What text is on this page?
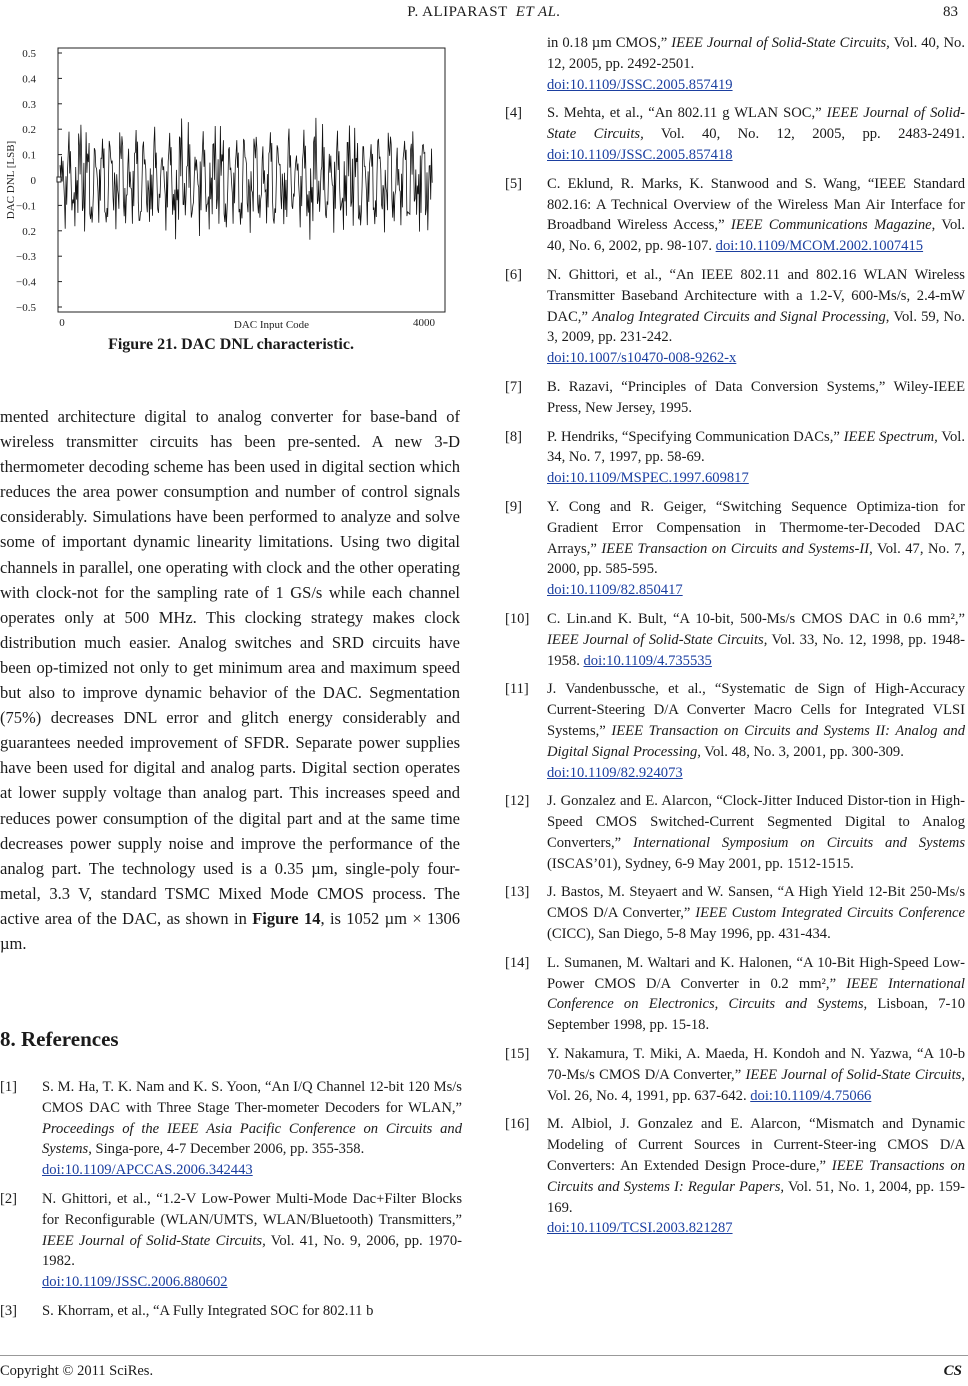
P. ALIPARAST ET AL.	83
0.5
0.4
0.3
0.2
0.1
0
−0.1
0.2
−0.3
−0.4
−0.5
DAC DNL [LSB]
0	4000
DAC Input Code
Figure 21. DAC DNL characteristic.

mented architecture digital to analog converter for base-band of wireless transmitter circuits has been pre-sented. A new 3-D thermometer decoding scheme has been used in digital section which reduces the area power consumption and number of control signals considerably. Simulations have been performed to analyze and solve some of important dynamic linearity limitations. Using two digital channels in parallel, one operating with clock and the other operating with clock-not for the sampling rate of 1 GS/s while each channel operates only at 500 MHz. This clocking strategy makes clock distribution much easier. Analog switches and SRD circuits have been op-timized not only to get minimum area and maximum speed but also to improve dynamic behavior of the DAC. Segmentation (75%) decreases DNL error and glitch energy considerably and guarantees needed improvement of SFDR. Separate power supplies have been used for digital and analog parts. Digital section operates at lower supply voltage than analog part. This increases speed and reduces power consumption of the digital part and at the same time decreases power supply noise and improve the performance of the analog part. The technology used is a 0.35 µm, single-poly four-metal, 3.3 V, standard TSMC Mixed Mode CMOS process. The active area of the DAC, as shown in Figure 14, is 1052 µm × 1306 µm.

8. References
[1] S. M. Ha, T. K. Nam and K. S. Yoon, “An I/Q Channel 12-bit 120 Ms/s CMOS DAC with Three Stage Ther-mometer Decoders for WLAN,” Proceedings of the IEEE Asia Pacific Conference on Circuits and Systems, Singa-pore, 4-7 December 2006, pp. 355-358.
doi:10.1109/APCCAS.2006.342443
[2] N. Ghittori, et al., “1.2-V Low-Power Multi-Mode Dac+Filter Blocks for Reconfigurable (WLAN/UMTS, WLAN/Bluetooth) Transmitters,” IEEE Journal of Solid-State Circuits, Vol. 41, No. 9, 2006, pp. 1970-1982.
doi:10.1109/JSSC.2006.880602
[3] S. Khorram, et al., “A Fully Integrated SOC for 802.11 b
in 0.18 µm CMOS,” IEEE Journal of Solid-State Circuits, Vol. 40, No. 12, 2005, pp. 2492-2501.
doi:10.1109/JSSC.2005.857419
[4] S. Mehta, et al., “An 802.11 g WLAN SOC,” IEEE Journal of Solid-State Circuits, Vol. 40, No. 12, 2005, pp. 2483-2491. doi:10.1109/JSSC.2005.857418
[5] C. Eklund, R. Marks, K. Stanwood and S. Wang, “IEEE Standard 802.16: A Technical Overview of the Wireless Man Air Interface for Broadband Wireless Access,” IEEE Communications Magazine, Vol. 40, No. 6, 2002, pp. 98-107. doi:10.1109/MCOM.2002.1007415
[6] N. Ghittori, et al., “An IEEE 802.11 and 802.16 WLAN Wireless Transmitter Baseband Architecture with a 1.2-V, 600-Ms/s, 2.4-mW DAC,” Analog Integrated Circuits and Signal Processing, Vol. 59, No. 3, 2009, pp. 231-242.
doi:10.1007/s10470-008-9262-x
[7] B. Razavi, “Principles of Data Conversion Systems,” Wiley-IEEE Press, New Jersey, 1995.
[8] P. Hendriks, “Specifying Communication DACs,” IEEE Spectrum, Vol. 34, No. 7, 1997, pp. 58-69.
doi:10.1109/MSPEC.1997.609817
[9] Y. Cong and R. Geiger, “Switching Sequence Optimiza-tion for Gradient Error Compensation in Thermome-ter-Decoded DAC Arrays,” IEEE Transaction on Circuits and Systems-II, Vol. 47, No. 7, 2000, pp. 585-595.
doi:10.1109/82.850417
[10] C. Lin.and K. Bult, “A 10-bit, 500-Ms/s CMOS DAC in 0.6 mm²,” IEEE Journal of Solid-State Circuits, Vol. 33, No. 12, 1998, pp. 1948-1958. doi:10.1109/4.735535
[11] J. Vandenbussche, et al., “Systematic de Sign of High-Accuracy Current-Steering D/A Converter Macro Cells for Integrated VLSI Systems,” IEEE Transaction on Circuits and Systems II: Analog and Digital Signal Processing, Vol. 48, No. 3, 2001, pp. 300-309.
doi:10.1109/82.924073
[12] J. Gonzalez and E. Alarcon, “Clock-Jitter Induced Distor-tion in High-Speed CMOS Switched-Current Segmented Digital to Analog Converters,” International Symposium on Circuits and Systems (ISCAS’01), Sydney, 6-9 May 2001, pp. 1512-1515.
[13] J. Bastos, M. Steyaert and W. Sansen, “A High Yield 12-Bit 250-Ms/s CMOS D/A Converter,” IEEE Custom Integrated Circuits Conference (CICC), San Diego, 5-8 May 1996, pp. 431-434.
[14] L. Sumanen, M. Waltari and K. Halonen, “A 10-Bit High-Speed Low-Power CMOS D/A Converter in 0.2 mm²,” IEEE International Conference on Electronics, Circuits and Systems, Lisboan, 7-10 September 1998, pp. 15-18.
[15] Y. Nakamura, T. Miki, A. Maeda, H. Kondoh and N. Yazwa, “A 10-b 70-Ms/s CMOS D/A Converter,” IEEE Journal of Solid-State Circuits, Vol. 26, No. 4, 1991, pp. 637-642. doi:10.1109/4.75066
[16] M. Albiol, J. Gonzalez and E. Alarcon, “Mismatch and Dynamic Modeling of Current Sources in Current-Steer-ing CMOS D/A Converters: An Extended Design Proce-dure,” IEEE Transactions on Circuits and Systems I: Regular Papers, Vol. 51, No. 1, 2004, pp. 159-169.
doi:10.1109/TCSI.2003.821287
Copyright © 2011 SciRes.	CS
